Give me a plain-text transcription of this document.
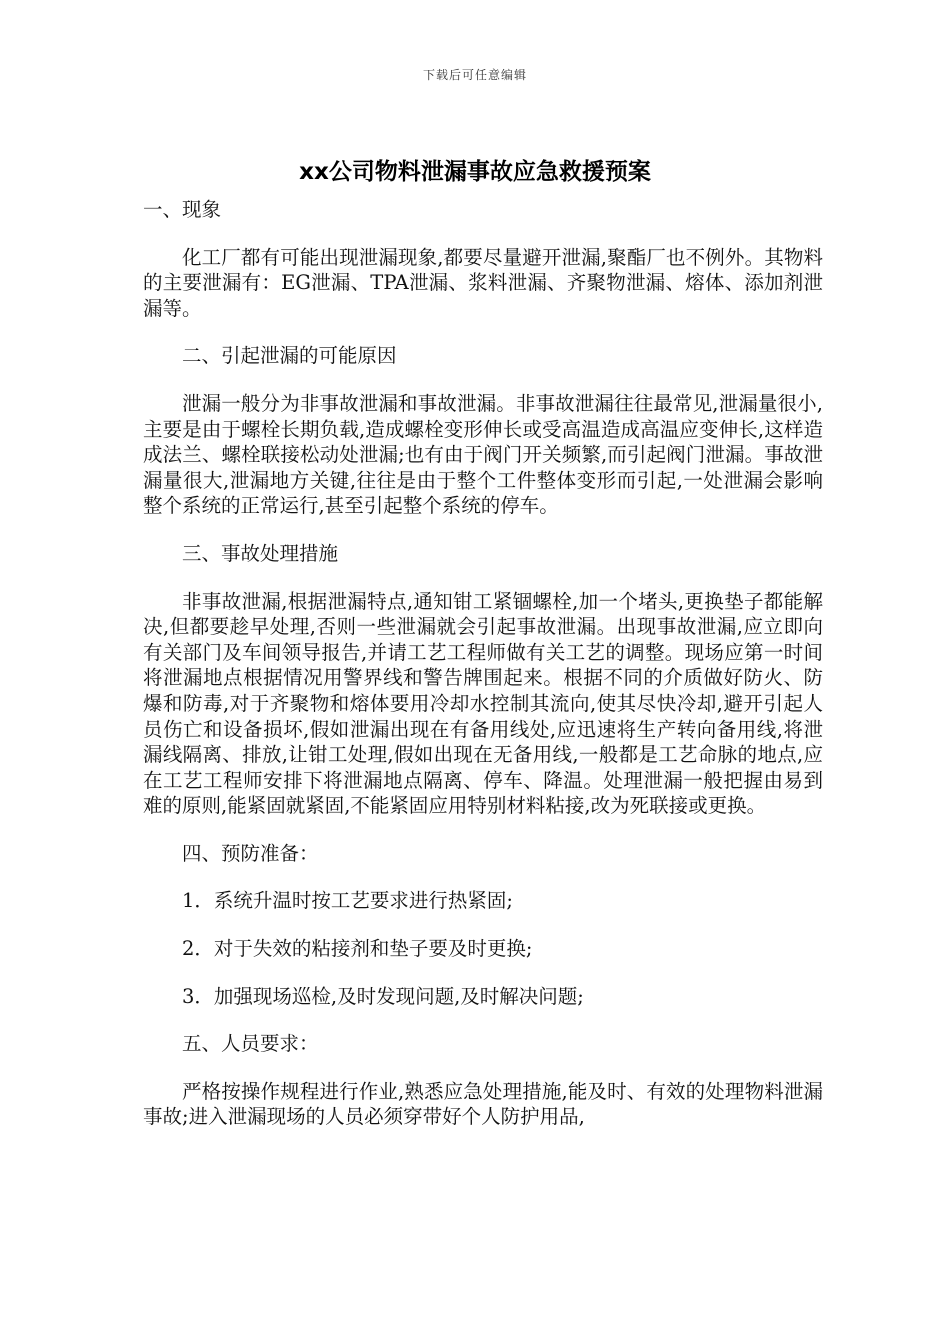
下载后可任意编辑
xx公司物料泄漏事故应急救援预案

一、现象

化工厂都有可能出现泄漏现象,都要尽量避开泄漏,聚酯厂也不例外。其物料的主要泄漏有：EG泄漏、TPA泄漏、浆料泄漏、齐聚物泄漏、熔体、添加剂泄漏等。

二、引起泄漏的可能原因

泄漏一般分为非事故泄漏和事故泄漏。非事故泄漏往往最常见,泄漏量很小,主要是由于螺栓长期负载,造成螺栓变形伸长或受高温造成高温应变伸长,这样造成法兰、螺栓联接松动处泄漏;也有由于阀门开关频繁,而引起阀门泄漏。事故泄漏量很大,泄漏地方关键,往往是由于整个工件整体变形而引起,一处泄漏会影响整个系统的正常运行,甚至引起整个系统的停车。

三、事故处理措施

非事故泄漏,根据泄漏特点,通知钳工紧锢螺栓,加一个堵头,更换垫子都能解决,但都要趁早处理,否则一些泄漏就会引起事故泄漏。出现事故泄漏,应立即向有关部门及车间领导报告,并请工艺工程师做有关工艺的调整。现场应第一时间将泄漏地点根据情况用警界线和警告牌围起来。根据不同的介质做好防火、防爆和防毒,对于齐聚物和熔体要用冷却水控制其流向,使其尽快冷却,避开引起人员伤亡和设备损坏,假如泄漏出现在有备用线处,应迅速将生产转向备用线,将泄漏线隔离、排放,让钳工处理,假如出现在无备用线,一般都是工艺命脉的地点,应在工艺工程师安排下将泄漏地点隔离、停车、降温。处理泄漏一般把握由易到难的原则,能紧固就紧固,不能紧固应用特别材料粘接,改为死联接或更换。

四、预防准备：

1．系统升温时按工艺要求进行热紧固;

2．对于失效的粘接剂和垫子要及时更换;

3．加强现场巡检,及时发现问题,及时解决问题;

五、人员要求：

严格按操作规程进行作业,熟悉应急处理措施,能及时、有效的处理物料泄漏事故;进入泄漏现场的人员必须穿带好个人防护用品,
